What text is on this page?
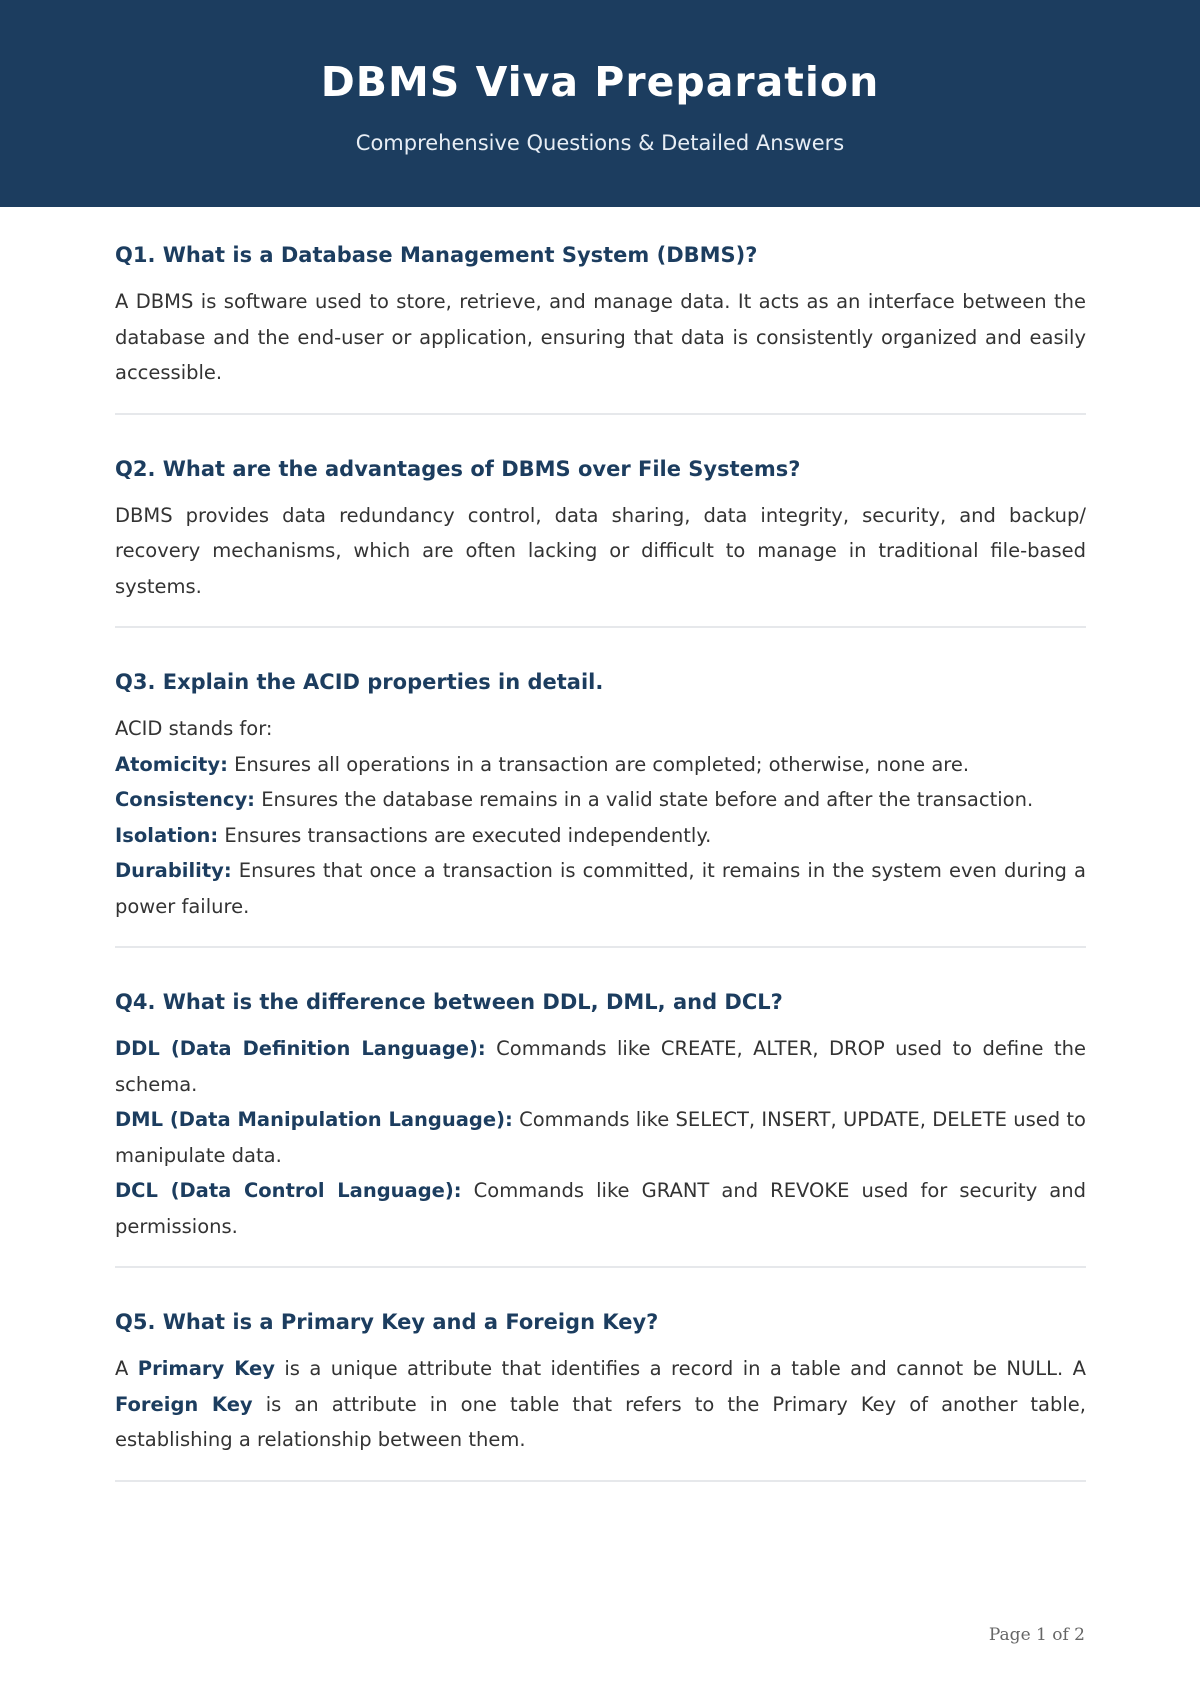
DBMS Viva Preparation
Comprehensive Questions & Detailed Answers
Q1. What is a Database Management System (DBMS)?
A DBMS is software used to store, retrieve, and manage data. It acts as an interface between the database and the end-user or application, ensuring that data is consistently organized and easily accessible.
Q2. What are the advantages of DBMS over File Systems?
DBMS provides data redundancy control, data sharing, data integrity, security, and backup/ recovery mechanisms, which are often lacking or difficult to manage in traditional file-based systems.
Q3. Explain the ACID properties in detail.
ACID stands for:
Atomicity: Ensures all operations in a transaction are completed; otherwise, none are.
Consistency: Ensures the database remains in a valid state before and after the transaction.
Isolation: Ensures transactions are executed independently.
Durability: Ensures that once a transaction is committed, it remains in the system even during a power failure.
Q4. What is the difference between DDL, DML, and DCL?
DDL (Data Definition Language): Commands like CREATE, ALTER, DROP used to define the schema.
DML (Data Manipulation Language): Commands like SELECT, INSERT, UPDATE, DELETE used to manipulate data.
DCL (Data Control Language): Commands like GRANT and REVOKE used for security and permissions.
Q5. What is a Primary Key and a Foreign Key?
A Primary Key is a unique attribute that identifies a record in a table and cannot be NULL. A Foreign Key is an attribute in one table that refers to the Primary Key of another table, establishing a relationship between them.
Page 1 of 2
